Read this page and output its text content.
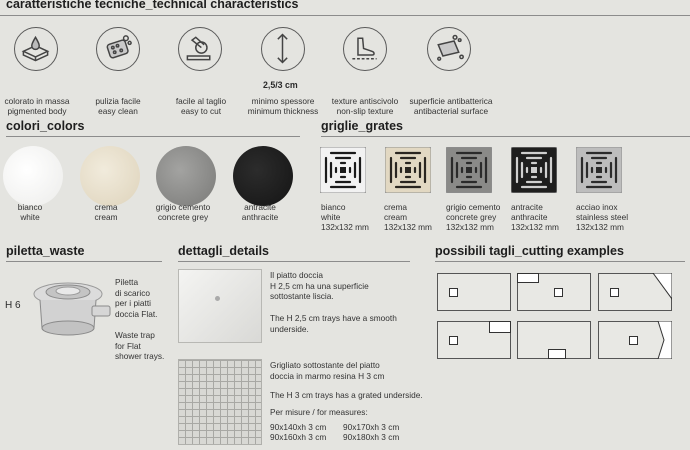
caratteristiche tecniche_technical characteristics
2,5/3 cm
colorato in massa
pigmented body
pulizia facile
easy clean
facile al taglio
easy to cut
minimo spessore
minimum thickness
texture antiscivolo
non-slip texture
superficie antibatterica
antibacterial surface
colori_colors
bianco
white
crema
cream
grigio cemento
concrete grey
antracite
anthracite
griglie_grates
bianco
white
132x132 mm
crema
cream
132x132 mm
grigio cemento
concrete grey
132x132 mm
antracite
anthracite
132x132 mm
acciao inox
stainless steel
132x132 mm
piletta_waste
H 6
Piletta
di scarico
per i piatti
doccia Flat.
Waste trap
for Flat
shower trays.
dettagli_details
Il piatto doccia
H 2,5 cm ha una superficie
sottostante liscia.
The H 2,5 cm trays have a smooth
underside.
Grigliato sottostante del piatto
doccia in marmo resina H 3 cm
The H 3 cm trays has a grated underside.
Per misure / for measures:
90x140xh 3 cm 90x170xh 3 cm
90x160xh 3 cm 90x180xh 3 cm
possibili tagli_cutting examples
